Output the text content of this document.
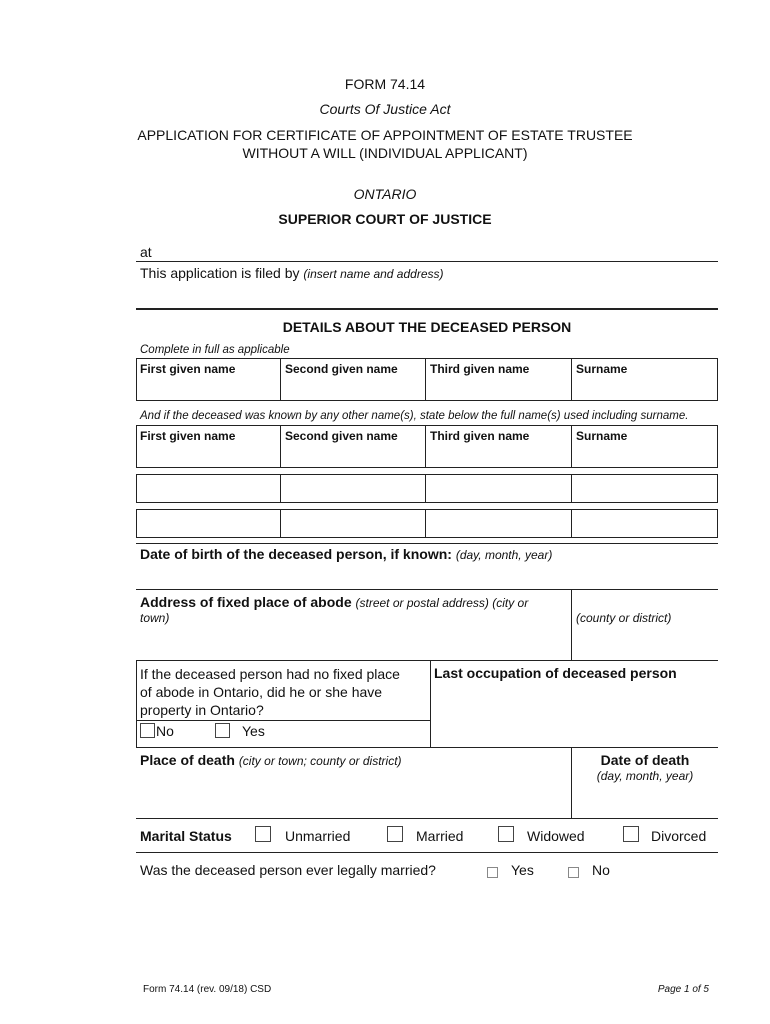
FORM 74.14
Courts Of Justice Act
APPLICATION FOR CERTIFICATE OF APPOINTMENT OF ESTATE TRUSTEE
WITHOUT A WILL (INDIVIDUAL APPLICANT)
ONTARIO
SUPERIOR COURT OF JUSTICE
at
This application is filed by (insert name and address)
DETAILS ABOUT THE DECEASED PERSON
Complete in full as applicable
First given name	Second given name	Third given name	Surname
And if the deceased was known by any other name(s), state below the full name(s) used including surname.
First given name	Second given name	Third given name	Surname
Date of birth of the deceased person, if known: (day, month, year)
Address of fixed place of abode (street or postal address) (city or
town)	(county or district)
If the deceased person had no fixed place
of abode in Ontario, did he or she have
property in Ontario?
No	Yes
Last occupation of deceased person
Place of death (city or town; county or district)	Date of death
(day, month, year)
Marital Status	Unmarried	Married	Widowed	Divorced
Was the deceased person ever legally married?	Yes	No
Form 74.14 (rev. 09/18) CSD	Page 1 of 5
